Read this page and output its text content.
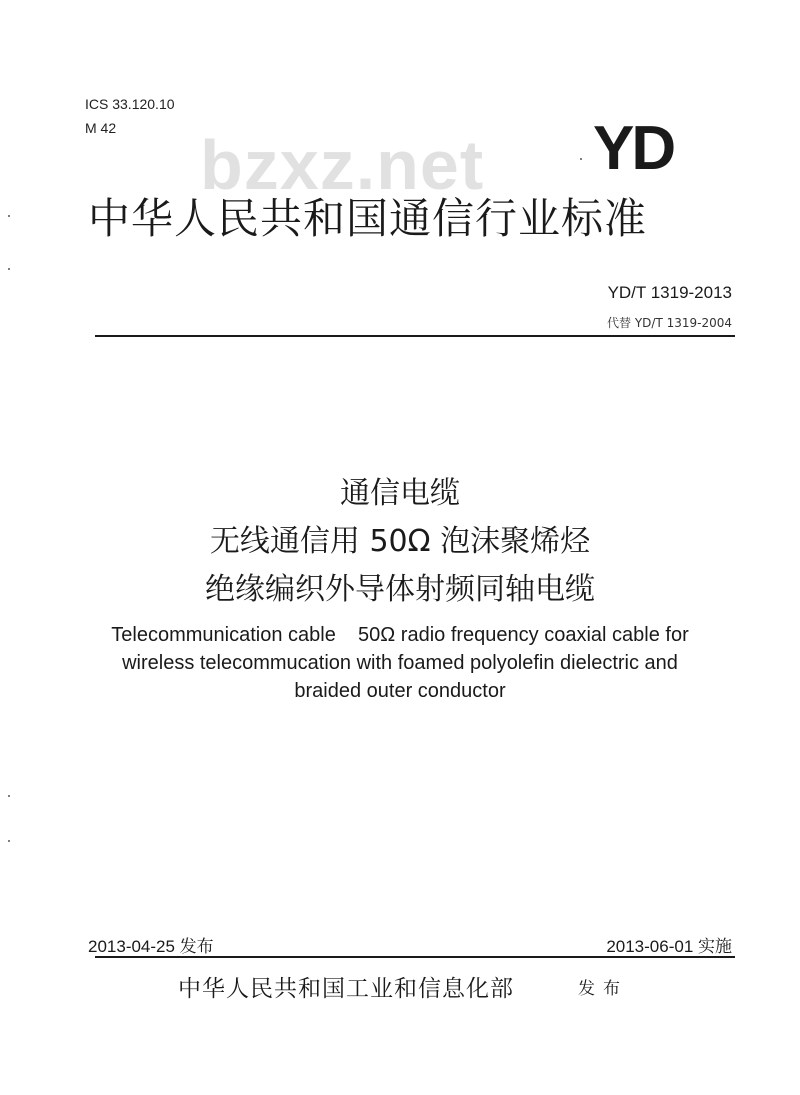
ICS 33.120.10
M 42 bzxz.net YD
中华人民共和国通信行业标准
YD/T 1319-2013
代替 YD/T 1319-2004
通信电缆
无线通信用 50Ω 泡沫聚烯烃
绝缘编织外导体射频同轴电缆
Telecommunication cable    50Ω radio frequency coaxial cable for
wireless telecommucation with foamed polyolefin dielectric and
braided outer conductor
2013-04-25 发布	2013-06-01 实施
中华人民共和国工业和信息化部	发布
